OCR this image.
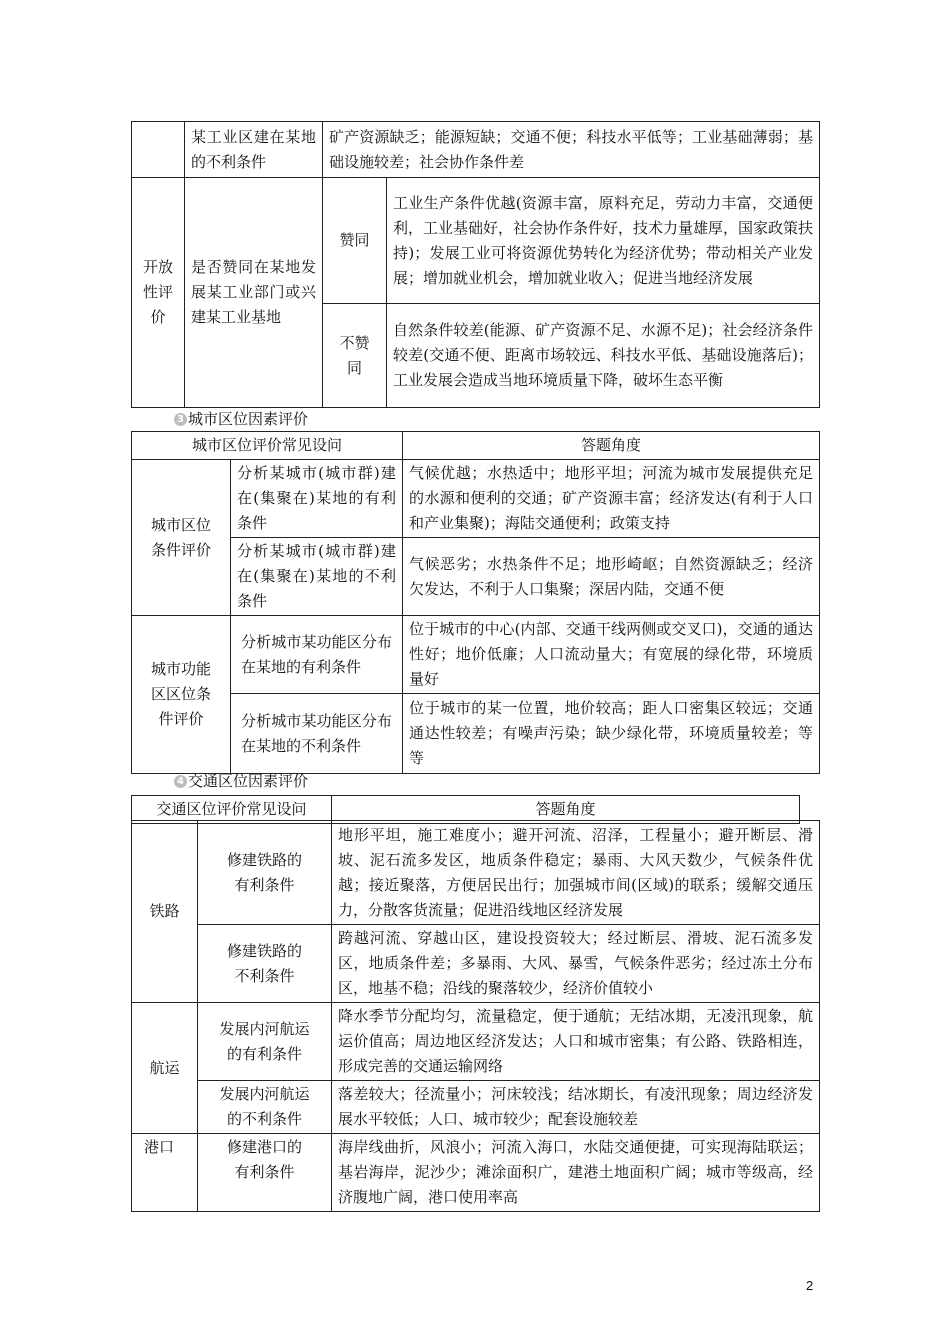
	某工业区建在某地的不利条件	矿产资源缺乏；能源短缺；交通不便；科技水平低等；工业基础薄弱；基础设施较差；社会协作条件差	
开放性评价	是否赞同在某地发展某工业部门或兴建某工业基地	赞同	工业生产条件优越(资源丰富，原料充足，劳动力丰富，交通便利，工业基础好，社会协作条件好，技术力量雄厚，国家政策扶持)；发展工业可将资源优势转化为经济优势；带动相关产业发展；增加就业机会，增加就业收入；促进当地经济发展
		不赞同	自然条件较差(能源、矿产资源不足、水源不足)；社会经济条件较差(交通不便、距离市场较远、科技水平低、基础设施落后)；工业发展会造成当地环境质量下降，破坏生态平衡
3 城市区位因素评价
城市区位评价常见设问		答题角度
城市区位条件评价	分析某城市(城市群)建在(集聚在)某地的有利条件	气候优越；水热适中；地形平坦；河流为城市发展提供充足的水源和便利的交通；矿产资源丰富；经济发达(有利于人口和产业集聚)；海陆交通便利；政策支持
	分析某城市(城市群)建在(集聚在)某地的不利条件	气候恶劣；水热条件不足；地形崎岖；自然资源缺乏；经济欠发达，不利于人口集聚；深居内陆，交通不便
城市功能区区位条件评价	分析城市某功能区分布在某地的有利条件	位于城市的中心(内部、交通干线两侧或交叉口)，交通的通达性好；地价低廉；人口流动量大；有宽展的绿化带，环境质量好
	分析城市某功能区分布在某地的不利条件	位于城市的某一位置，地价较高；距人口密集区较远；交通通达性较差；有噪声污染；缺少绿化带，环境质量较差；等等
4 交通区位因素评价
交通区位评价常见设问	答题角度
铁路	修建铁路的有利条件	地形平坦，施工难度小；避开河流、沼泽，工程量小；避开断层、滑坡、泥石流多发区，地质条件稳定；暴雨、大风天数少，气候条件优越；接近聚落，方便居民出行；加强城市间(区域)的联系；缓解交通压力，分散客货流量；促进沿线地区经济发展
	修建铁路的不利条件	跨越河流、穿越山区，建设投资较大；经过断层、滑坡、泥石流多发区，地质条件差；多暴雨、大风、暴雪，气候条件恶劣；经过冻土分布区，地基不稳；沿线的聚落较少，经济价值较小
航运	发展内河航运的有利条件	降水季节分配均匀，流量稳定，便于通航；无结冰期，无凌汛现象，航运价值高；周边地区经济发达；人口和城市密集；有公路、铁路相连，形成完善的交通运输网络
	发展内河航运的不利条件	落差较大；径流量小；河床较浅；结冰期长，有凌汛现象；周边经济发展水平较低；人口、城市较少；配套设施较差
港口	修建港口的有利条件	海岸线曲折，风浪小；河流入海口，水陆交通便捷，可实现海陆联运；基岩海岸，泥沙少；滩涂面积广，建港土地面积广阔；城市等级高，经济腹地广阔，港口使用率高
2
